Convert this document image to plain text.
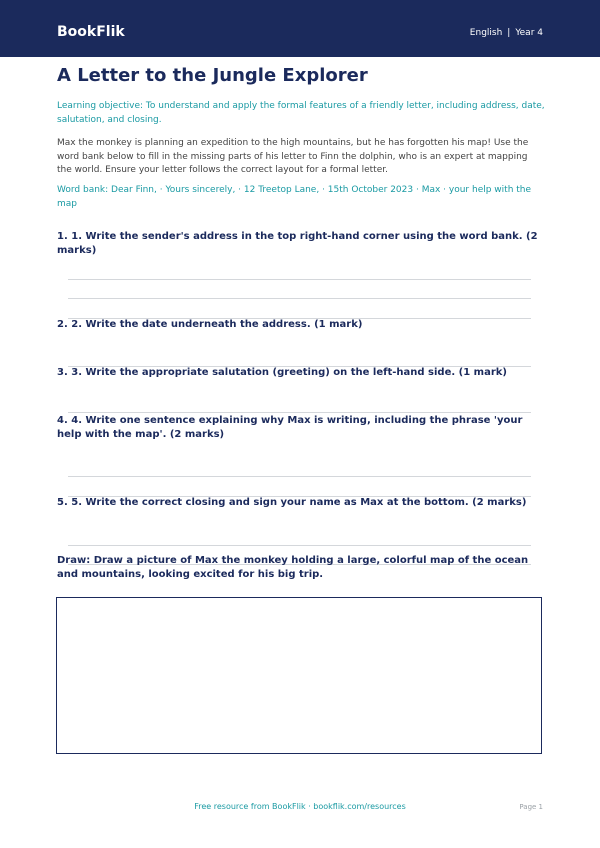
BookFlik	English | Year 4
A Letter to the Jungle Explorer

Learning objective: To understand and apply the formal features of a friendly letter, including address, date, salutation, and closing.

Max the monkey is planning an expedition to the high mountains, but he has forgotten his map! Use the word bank below to fill in the missing parts of his letter to Finn the dolphin, who is an expert at mapping the world. Ensure your letter follows the correct layout for a formal letter.

Word bank: Dear Finn, · Yours sincerely, · 12 Treetop Lane, · 15th October 2023 · Max · your help with the map

1. 1. Write the sender's address in the top right-hand corner using the word bank. (2 marks)

2. 2. Write the date underneath the address. (1 mark)

3. 3. Write the appropriate salutation (greeting) on the left-hand side. (1 mark)

4. 4. Write one sentence explaining why Max is writing, including the phrase 'your help with the map'. (2 marks)

5. 5. Write the correct closing and sign your name as Max at the bottom. (2 marks)

Draw: Draw a picture of Max the monkey holding a large, colorful map of the ocean and mountains, looking excited for his big trip.

Free resource from BookFlik · bookflik.com/resources	Page 1
